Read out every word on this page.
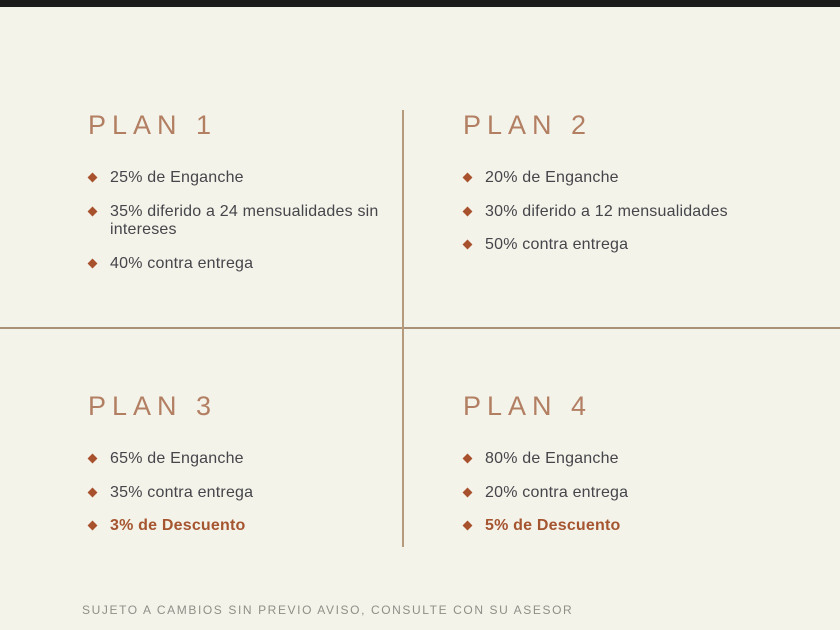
PLAN 1
25% de Enganche
35% diferido a 24 mensualidades sin intereses
40% contra entrega
PLAN 2
20% de Enganche
30% diferido a 12 mensualidades
50% contra entrega
PLAN 3
65% de Enganche
35% contra entrega
3% de Descuento
PLAN 4
80% de Enganche
20% contra entrega
5% de Descuento
SUJETO A CAMBIOS SIN PREVIO AVISO, CONSULTE CON SU ASESOR
